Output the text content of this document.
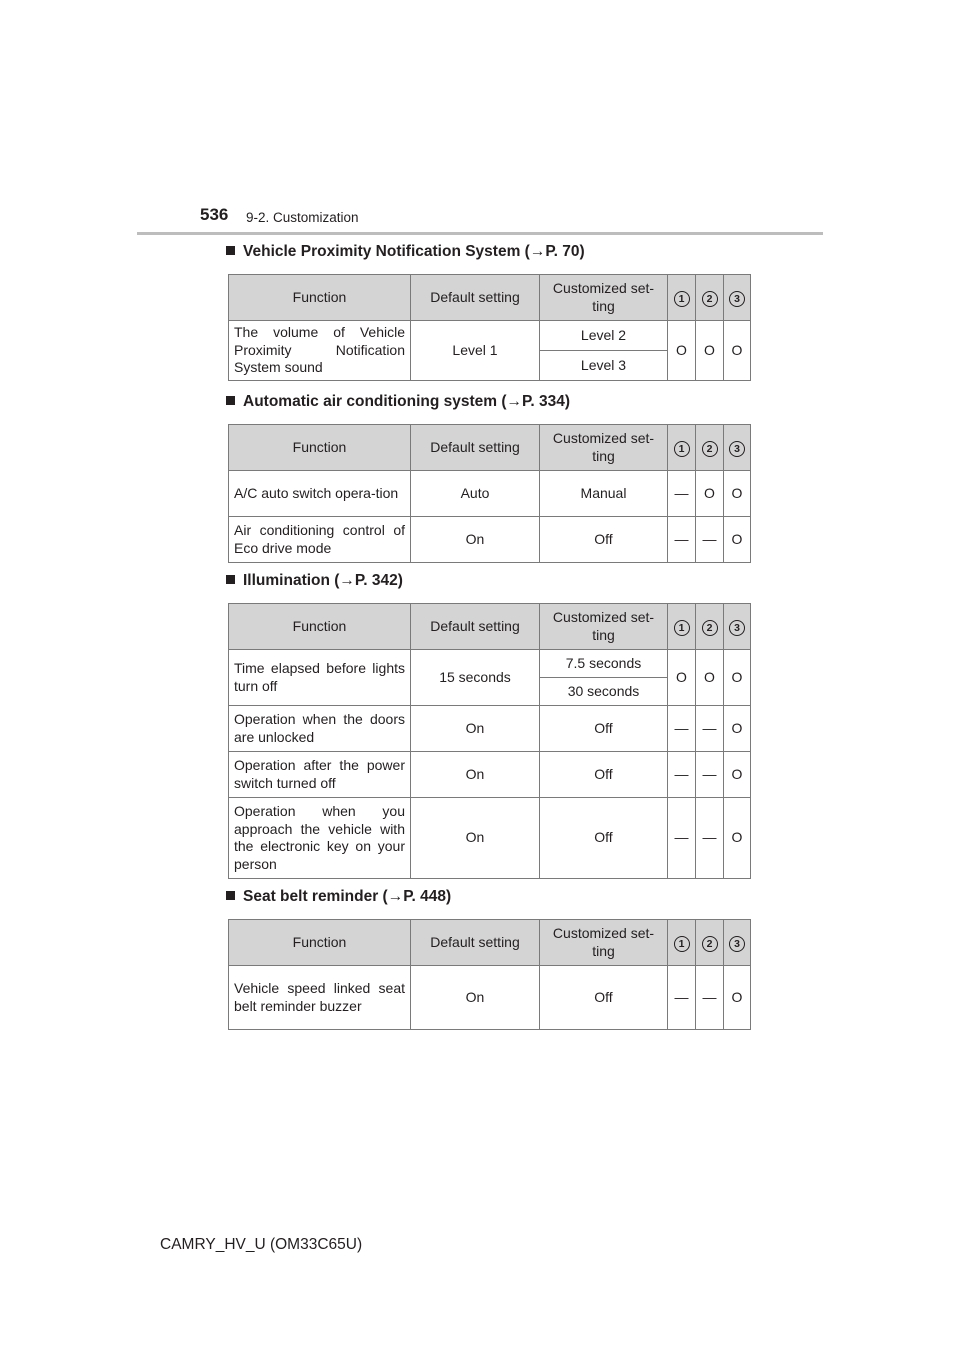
536 9-2. Customization
Vehicle Proximity Notification System (→P. 70)
Function	Default setting	Customized set-ting	1	2	3
The volume of Vehicle Proximity Notification System sound	Level 1	Level 2	O	O	O
		Level 3			
Automatic air conditioning system (→P. 334)
Function	Default setting	Customized set-ting	1	2	3
A/C auto switch opera-tion	Auto	Manual	—	O	O
Air conditioning control of Eco drive mode	On	Off	—	—	O
Illumination (→P. 342)
Function	Default setting	Customized set-ting	1	2	3
Time elapsed before lights turn off	15 seconds	7.5 seconds	O	O	O
		30 seconds			
Operation when the doors are unlocked	On	Off	—	—	O
Operation after the power switch turned off	On	Off	—	—	O
Operation when you approach the vehicle with the electronic key on your person	On	Off	—	—	O
Seat belt reminder (→P. 448)
Function	Default setting	Customized set-ting	1	2	3
Vehicle speed linked seat belt reminder buzzer	On	Off	—	—	O
CAMRY_HV_U (OM33C65U)
